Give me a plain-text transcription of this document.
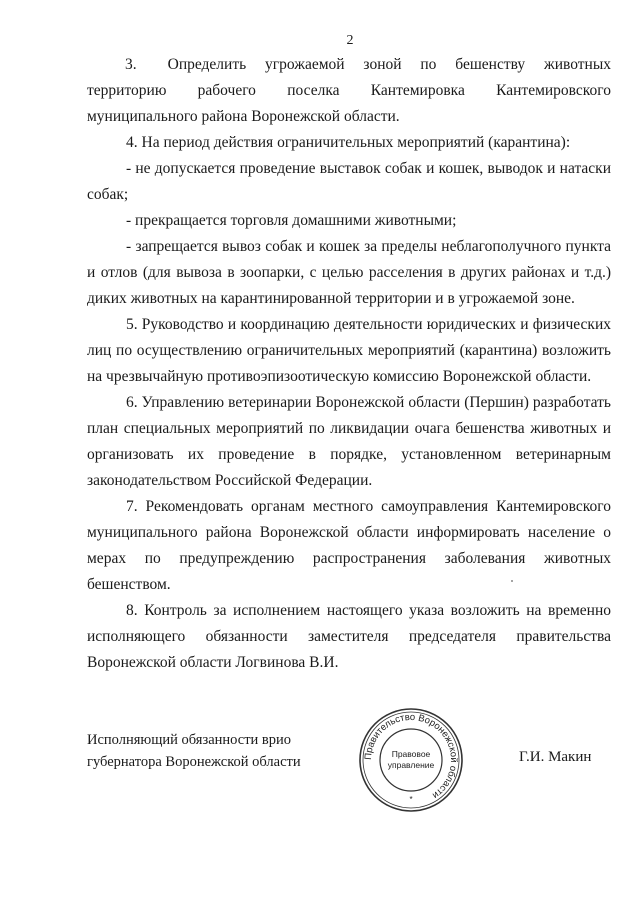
2

3.  Определить угрожаемой зоной по бешенству животных территорию рабочего поселка Кантемировка Кантемировского муниципального района Воронежской области.

4. На период действия ограничительных мероприятий (карантина):

- не допускается проведение выставок собак и кошек, выводок и натаски собак;

- прекращается торговля домашними животными;

- запрещается вывоз собак и кошек за пределы неблагополучного пункта и отлов (для вывоза в зоопарки, с целью расселения в других районах и т.д.) диких животных на карантинированной территории и в угрожаемой зоне.

5. Руководство и координацию деятельности юридических и физических лиц по осуществлению ограничительных мероприятий (карантина) возложить на чрезвычайную противоэпизоотическую комиссию Воронежской области.

6. Управлению ветеринарии Воронежской области (Першин) разработать план специальных мероприятий по ликвидации очага бешенства животных и организовать их проведение в порядке, установленном ветеринарным законодательством Российской Федерации.

7. Рекомендовать органам местного самоуправления Кантемировского муниципального района Воронежской области информировать население о мерах по предупреждению распространения заболевания животных бешенством.

8. Контроль за исполнением настоящего указа возложить на временно исполняющего обязанности заместителя председателя правительства Воронежской области Логвинова В.И.

Исполняющий обязанности врио
губернатора Воронежской области	Правительство Воронежской области
Правовое
управление
*
Г.И. Макин
